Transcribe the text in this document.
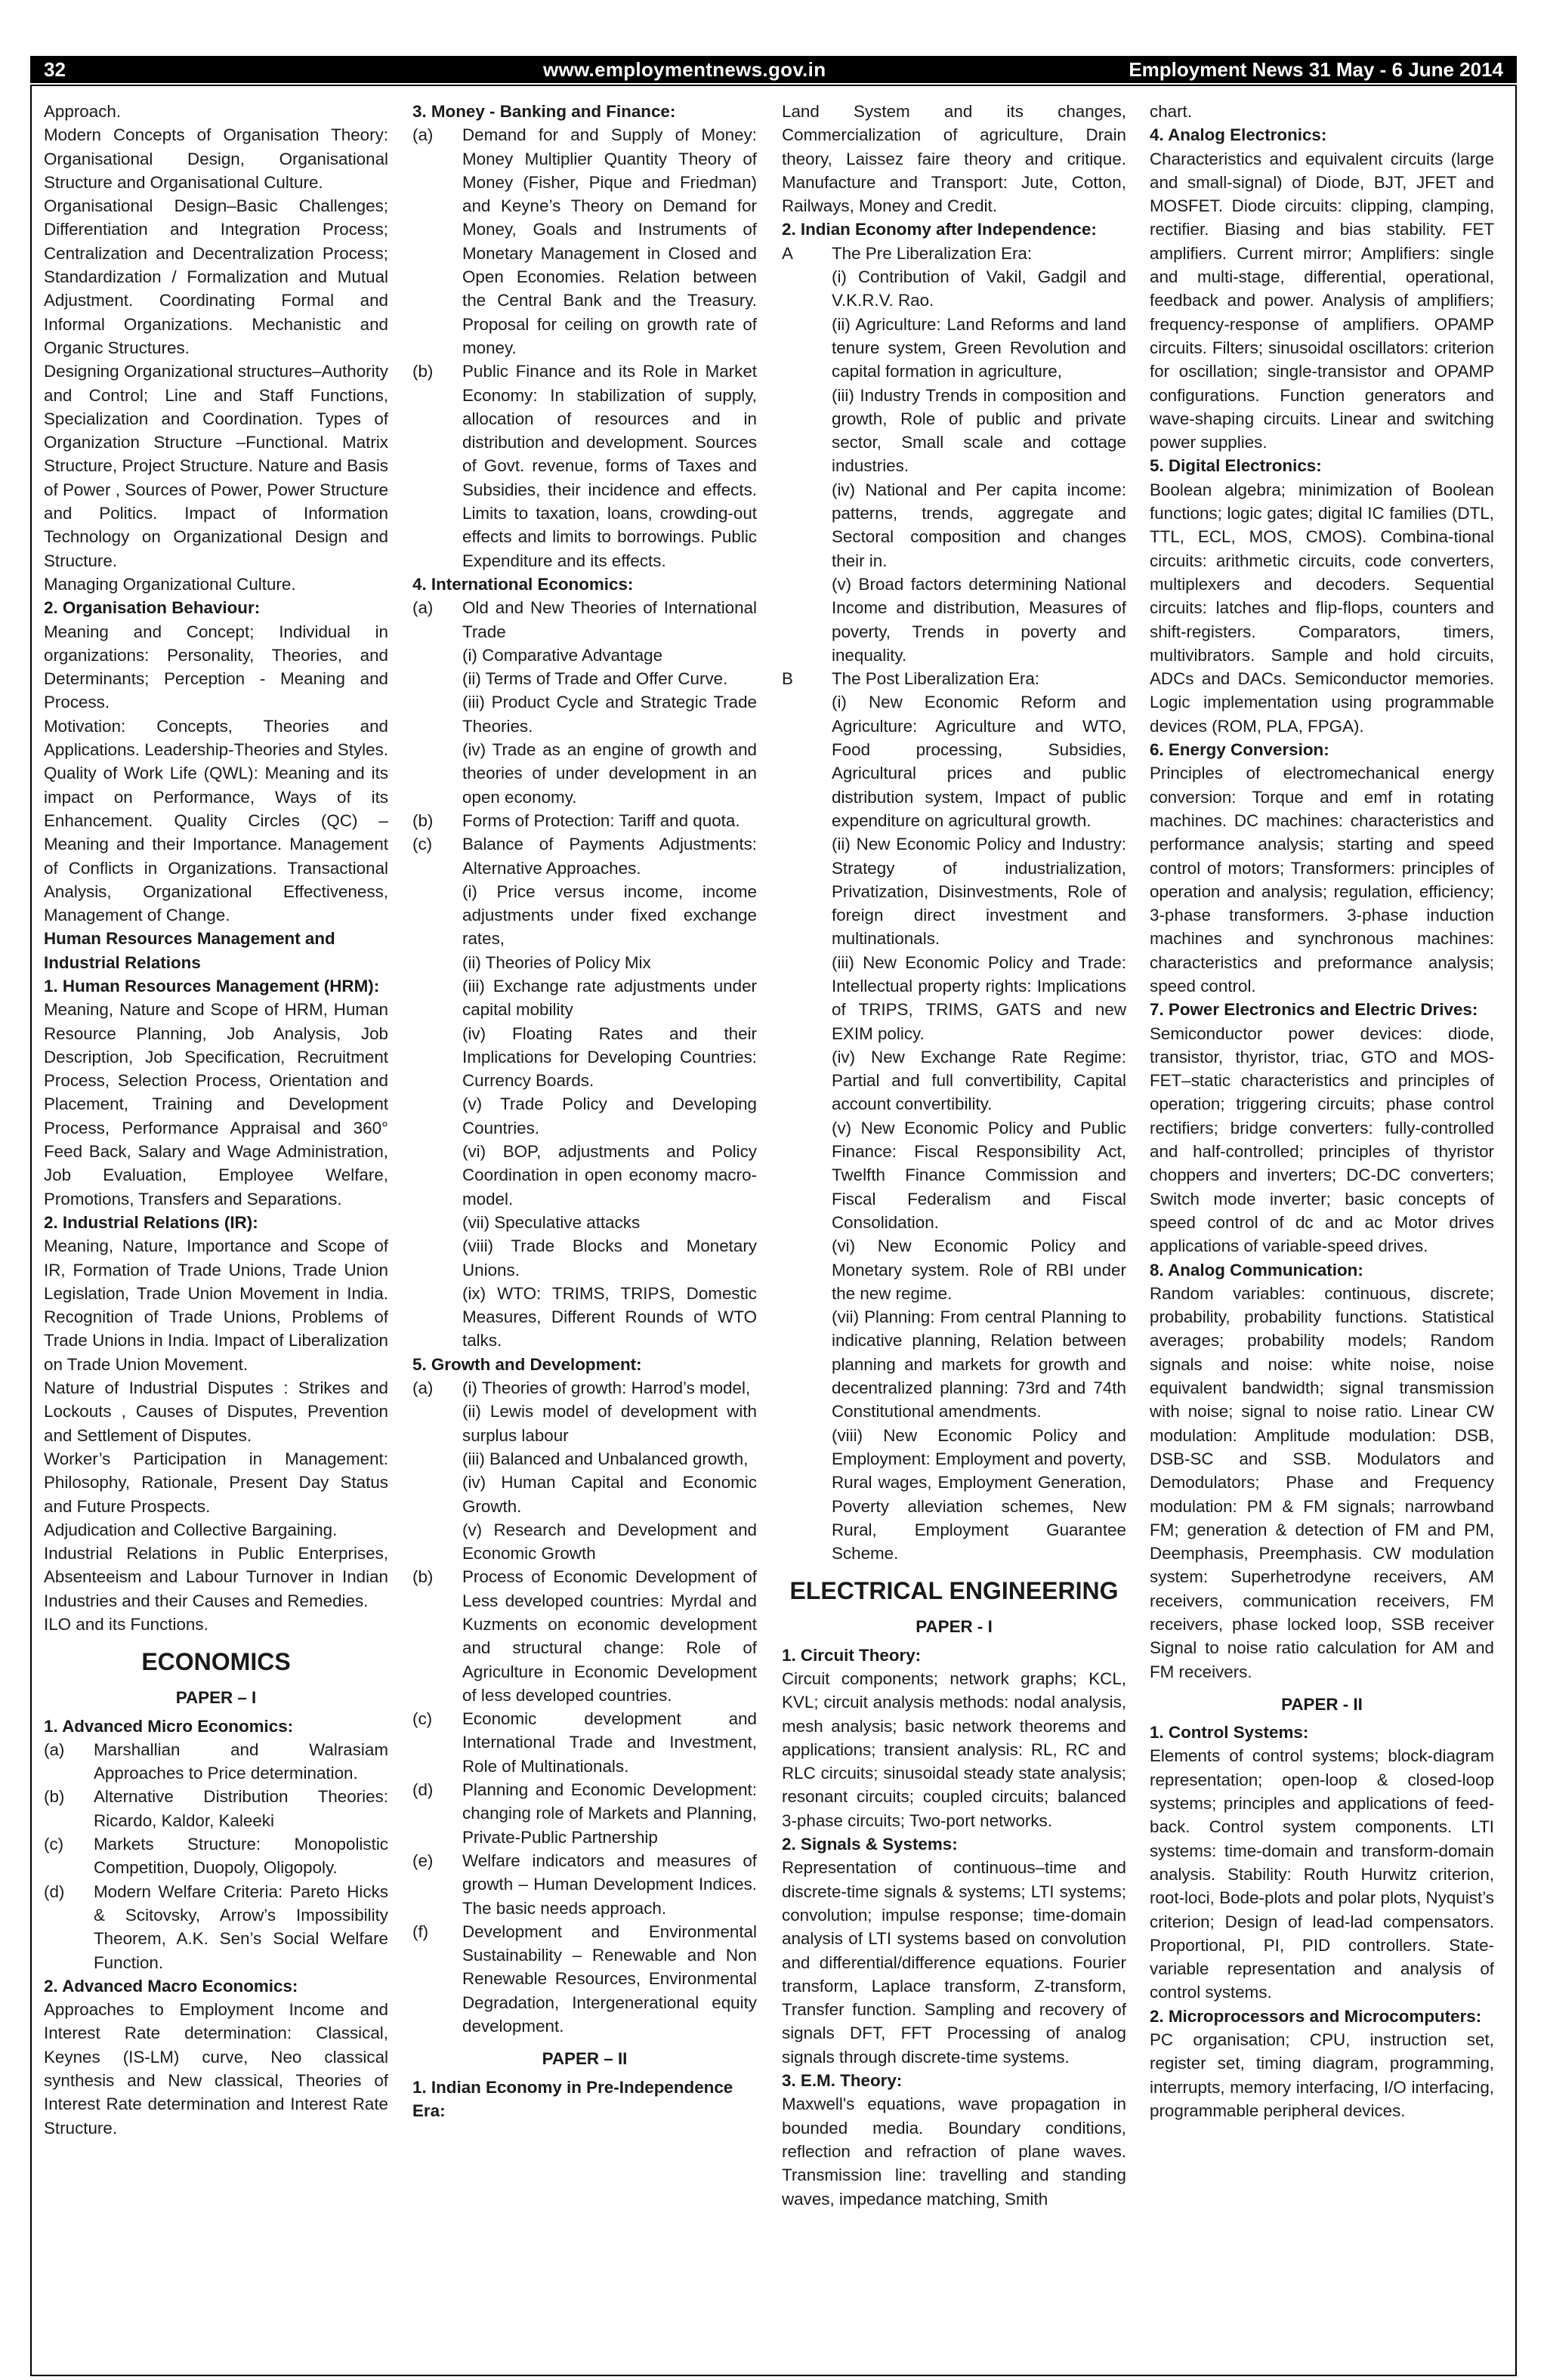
32	www.employmentnews.gov.in	Employment News 31 May - 6 June 2014

Approach.

Modern Concepts of Organisation Theory: Organisational Design, Organisational Structure and Organisational Culture.

Organisational Design–Basic Challenges; Differentiation and Integration Process; Centralization and Decentralization Process; Standardization / Formalization and Mutual Adjustment. Coordinating Formal and Informal Organizations. Mechanistic and Organic Structures.

Designing Organizational structures–Authority and Control; Line and Staff Functions, Specialization and Coordination. Types of Organization Structure –Functional. Matrix Structure, Project Structure. Nature and Basis of Power , Sources of Power, Power Structure and Politics. Impact of Information Technology on Organizational Design and Structure.

Managing Organizational Culture.

2. Organisation Behaviour:

Meaning and Concept; Individual in organizations: Personality, Theories, and Determinants; Perception - Meaning and Process.

Motivation: Concepts, Theories and Applications. Leadership-Theories and Styles. Quality of Work Life (QWL): Meaning and its impact on Performance, Ways of its Enhancement. Quality Circles (QC) – Meaning and their Importance. Management of Conflicts in Organizations. Transactional Analysis, Organizational Effectiveness, Management of Change.

Human Resources Management and Industrial Relations

1. Human Resources Management (HRM):

Meaning, Nature and Scope of HRM, Human Resource Planning, Job Analysis, Job Description, Job Specification, Recruitment Process, Selection Process, Orientation and Placement, Training and Development Process, Performance Appraisal and 360° Feed Back, Salary and Wage Administration, Job Evaluation, Employee Welfare, Promotions, Transfers and Separations.

2. Industrial Relations (IR):

Meaning, Nature, Importance and Scope of IR, Formation of Trade Unions, Trade Union Legislation, Trade Union Movement in India. Recognition of Trade Unions, Problems of Trade Unions in India. Impact of Liberalization on Trade Union Movement.

Nature of Industrial Disputes : Strikes and Lockouts , Causes of Disputes, Prevention and Settlement of Disputes.

Worker’s Participation in Management: Philosophy, Rationale, Present Day Status and Future Prospects.

Adjudication and Collective Bargaining.

Industrial Relations in Public Enterprises, Absenteeism and Labour Turnover in Indian Industries and their Causes and Remedies.

ILO and its Functions.

ECONOMICS

PAPER – I

1. Advanced Micro Economics:

(a)	Marshallian and Walrasiam Approaches to Price determination.
(b)	Alternative Distribution Theories: Ricardo, Kaldor, Kaleeki
(c)	Markets Structure: Monopolistic Competition, Duopoly, Oligopoly.
(d)	Modern Welfare Criteria: Pareto Hicks & Scitovsky, Arrow’s Impossibility Theorem, A.K. Sen’s Social Welfare Function.

2. Advanced Macro Economics:

Approaches to Employment Income and Interest Rate determination: Classical, Keynes (IS-LM) curve, Neo classical synthesis and New classical, Theories of Interest Rate determination and Interest Rate Structure.

3. Money - Banking and Finance:

(a)	Demand for and Supply of Money: Money Multiplier Quantity Theory of Money (Fisher, Pique and Friedman) and Keyne’s Theory on Demand for Money, Goals and Instruments of Monetary Management in Closed and Open Economies. Relation between the Central Bank and the Treasury. Proposal for ceiling on growth rate of money.
(b)	Public Finance and its Role in Market Economy: In stabilization of supply, allocation of resources and in distribution and development. Sources of Govt. revenue, forms of Taxes and Subsidies, their incidence and effects. Limits to taxation, loans, crowding-out effects and limits to borrowings. Public Expenditure and its effects.

4. International Economics:

(a)	Old and New Theories of International Trade

(i) Comparative Advantage

(ii) Terms of Trade and Offer Curve.

(iii) Product Cycle and Strategic Trade Theories.

(iv) Trade as an engine of growth and theories of under development in an open economy.

(b)	Forms of Protection: Tariff and quota.
(c)	Balance of Payments Adjustments: Alternative Approaches.

(i) Price versus income, income adjustments under fixed exchange rates,

(ii) Theories of Policy Mix

(iii) Exchange rate adjustments under capital mobility

(iv) Floating Rates and their Implications for Developing Countries: Currency Boards.

(v) Trade Policy and Developing Countries.

(vi) BOP, adjustments and Policy Coordination in open economy macro-model.

(vii) Speculative attacks

(viii) Trade Blocks and Monetary Unions.

(ix) WTO: TRIMS, TRIPS, Domestic Measures, Different Rounds of WTO talks.

5. Growth and Development:

(a)	(i) Theories of growth: Harrod’s model,

(ii) Lewis model of development with surplus labour

(iii) Balanced and Unbalanced growth,

(iv) Human Capital and Economic Growth.

(v) Research and Development and Economic Growth

(b)	Process of Economic Development of Less developed countries: Myrdal and Kuzments on economic development and structural change: Role of Agriculture in Economic Development of less developed countries.
(c)	Economic development and International Trade and Investment, Role of Multinationals.
(d)	Planning and Economic Development: changing role of Markets and Planning, Private-Public Partnership
(e)	Welfare indicators and measures of growth – Human Development Indices. The basic needs approach.
(f)	Development and Environmental Sustainability – Renewable and Non Renewable Resources, Environmental Degradation, Intergenerational equity development.

PAPER – II

1. Indian Economy in Pre-Independence Era:

Land System and its changes, Commercialization of agriculture, Drain theory, Laissez faire theory and critique. Manufacture and Transport: Jute, Cotton, Railways, Money and Credit.

2. Indian Economy after Independence:

A	The Pre Liberalization Era:

(i) Contribution of Vakil, Gadgil and V.K.R.V. Rao.

(ii) Agriculture: Land Reforms and land tenure system, Green Revolution and capital formation in agriculture,

(iii) Industry Trends in composition and growth, Role of public and private sector, Small scale and cottage industries.

(iv) National and Per capita income: patterns, trends, aggregate and Sectoral composition and changes their in.

(v) Broad factors determining National Income and distribution, Measures of poverty, Trends in poverty and inequality.

B	The Post Liberalization Era:

(i) New Economic Reform and Agriculture: Agriculture and WTO, Food processing, Subsidies, Agricultural prices and public distribution system, Impact of public expenditure on agricultural growth.

(ii) New Economic Policy and Industry: Strategy of industrialization, Privatization, Disinvestments, Role of foreign direct investment and multinationals.

(iii) New Economic Policy and Trade: Intellectual property rights: Implications of TRIPS, TRIMS, GATS and new EXIM policy.

(iv) New Exchange Rate Regime: Partial and full convertibility, Capital account convertibility.

(v) New Economic Policy and Public Finance: Fiscal Responsibility Act, Twelfth Finance Commission and Fiscal Federalism and Fiscal Consolidation.

(vi) New Economic Policy and Monetary system. Role of RBI under the new regime.

(vii) Planning: From central Planning to indicative planning, Relation between planning and markets for growth and decentralized planning: 73rd and 74th Constitutional amendments.

(viii) New Economic Policy and Employment: Employment and poverty, Rural wages, Employment Generation, Poverty alleviation schemes, New Rural, Employment Guarantee Scheme.

ELECTRICAL ENGINEERING

PAPER - I

1. Circuit Theory:

Circuit components; network graphs; KCL, KVL; circuit analysis methods: nodal analysis, mesh analysis; basic network theorems and applications; transient analysis: RL, RC and RLC circuits; sinusoidal steady state analysis; resonant circuits; coupled circuits; balanced 3-phase circuits; Two-port networks.

2. Signals & Systems:

Representation of continuous–time and discrete-time signals & systems; LTI systems; convolution; impulse response; time-domain analysis of LTI systems based on convolution and differential/difference equations. Fourier transform, Laplace transform, Z-transform, Transfer function. Sampling and recovery of signals DFT, FFT Processing of analog signals through discrete-time systems.

3. E.M. Theory:

Maxwell's equations, wave propagation in bounded media. Boundary conditions, reflection and refraction of plane waves. Transmission line: travelling and standing waves, impedance matching, Smith

chart.

4. Analog Electronics:

Characteristics and equivalent circuits (large and small-signal) of Diode, BJT, JFET and MOSFET. Diode circuits: clipping, clamping, rectifier. Biasing and bias stability. FET amplifiers. Current mirror; Amplifiers: single and multi-stage, differential, operational, feedback and power. Analysis of amplifiers; frequency-response of amplifiers. OPAMP circuits. Filters; sinusoidal oscillators: criterion for oscillation; single-transistor and OPAMP configurations. Function generators and wave-shaping circuits. Linear and switching power supplies.

5. Digital Electronics:

Boolean algebra; minimization of Boolean functions; logic gates; digital IC families (DTL, TTL, ECL, MOS, CMOS). Combina-tional circuits: arithmetic circuits, code converters, multiplexers and decoders. Sequential circuits: latches and flip-flops, counters and shift-registers. Comparators, timers, multivibrators. Sample and hold circuits, ADCs and DACs. Semiconductor memories. Logic implementation using programmable devices (ROM, PLA, FPGA).

6. Energy Conversion:

Principles of electromechanical energy conversion: Torque and emf in rotating machines. DC machines: characteristics and performance analysis; starting and speed control of motors; Transformers: principles of operation and analysis; regulation, efficiency; 3-phase transformers. 3-phase induction machines and synchronous machines: characteristics and preformance analysis; speed control.

7. Power Electronics and Electric Drives:

Semiconductor power devices: diode, transistor, thyristor, triac, GTO and MOS-FET–static characteristics and principles of operation; triggering circuits; phase control rectifiers; bridge converters: fully-controlled and half-controlled; principles of thyristor choppers and inverters; DC-DC converters; Switch mode inverter; basic concepts of speed control of dc and ac Motor drives applications of variable-speed drives.

8. Analog Communication:

Random variables: continuous, discrete; probability, probability functions. Statistical averages; probability models; Random signals and noise: white noise, noise equivalent bandwidth; signal transmission with noise; signal to noise ratio. Linear CW modulation: Amplitude modulation: DSB, DSB-SC and SSB. Modulators and Demodulators; Phase and Frequency modulation: PM & FM signals; narrowband FM; generation & detection of FM and PM, Deemphasis, Preemphasis. CW modulation system: Superhetrodyne receivers, AM receivers, communication receivers, FM receivers, phase locked loop, SSB receiver Signal to noise ratio calculation for AM and FM receivers.

PAPER - II

1. Control Systems:

Elements of control systems; block-diagram representation; open-loop & closed-loop systems; principles and applications of feed-back. Control system components. LTI systems: time-domain and transform-domain analysis. Stability: Routh Hurwitz criterion, root-loci, Bode-plots and polar plots, Nyquist’s criterion; Design of lead-lad compensators. Proportional, PI, PID controllers. State-variable representation and analysis of control systems.

2. Microprocessors and Microcomputers:

PC organisation; CPU, instruction set, register set, timing diagram, programming, interrupts, memory interfacing, I/O interfacing, programmable peripheral devices.
